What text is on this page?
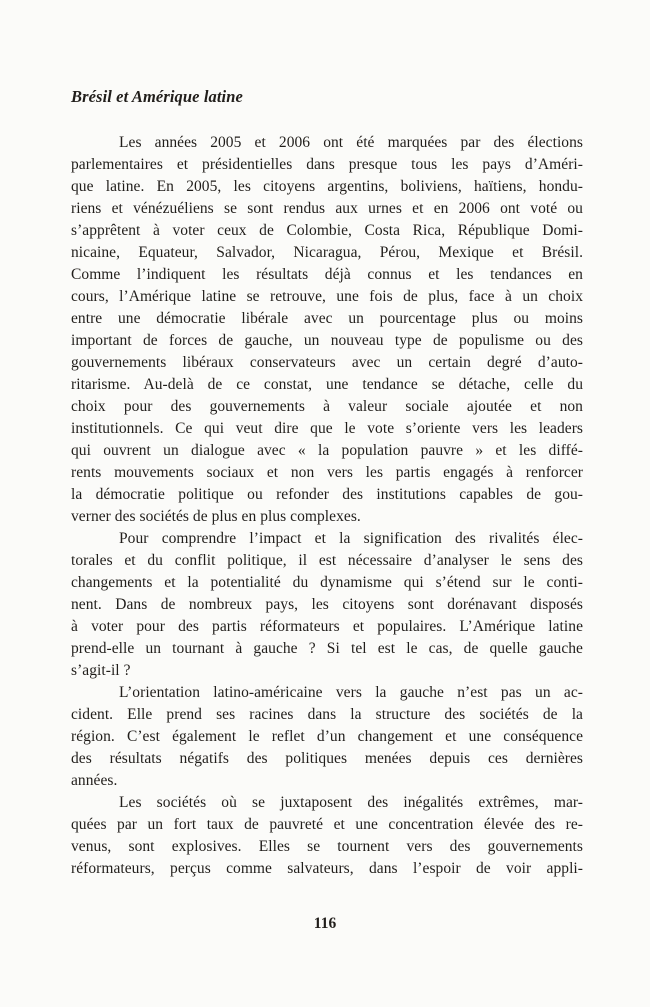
Brésil et Amérique latine
Les années 2005 et 2006 ont été marquées par des élections
parlementaires et présidentielles dans presque tous les pays d’Améri-
que latine. En 2005, les citoyens argentins, boliviens, haïtiens, hondu-
riens et vénézuéliens se sont rendus aux urnes et en 2006 ont voté ou
s’apprêtent à voter ceux de Colombie, Costa Rica, République Domi-
nicaine, Equateur, Salvador, Nicaragua, Pérou, Mexique et Brésil.
Comme l’indiquent les résultats déjà connus et les tendances en
cours, l’Amérique latine se retrouve, une fois de plus, face à un choix
entre une démocratie libérale avec un pourcentage plus ou moins
important de forces de gauche, un nouveau type de populisme ou des
gouvernements libéraux conservateurs avec un certain degré d’auto-
ritarisme. Au-delà de ce constat, une tendance se détache, celle du
choix pour des gouvernements à valeur sociale ajoutée et non
institutionnels. Ce qui veut dire que le vote s’oriente vers les leaders
qui ouvrent un dialogue avec « la population pauvre » et les diffé-
rents mouvements sociaux et non vers les partis engagés à renforcer
la démocratie politique ou refonder des institutions capables de gou-
verner des sociétés de plus en plus complexes.
Pour comprendre l’impact et la signification des rivalités élec-
torales et du conflit politique, il est nécessaire d’analyser le sens des
changements et la potentialité du dynamisme qui s’étend sur le conti-
nent. Dans de nombreux pays, les citoyens sont dorénavant disposés
à voter pour des partis réformateurs et populaires. L’Amérique latine
prend-elle un tournant à gauche ? Si tel est le cas, de quelle gauche
s’agit-il ?
L’orientation latino-américaine vers la gauche n’est pas un ac-
cident. Elle prend ses racines dans la structure des sociétés de la
région. C’est également le reflet d’un changement et une conséquence
des résultats négatifs des politiques menées depuis ces dernières
années.
Les sociétés où se juxtaposent des inégalités extrêmes, mar-
quées par un fort taux de pauvreté et une concentration élevée des re-
venus, sont explosives. Elles se tournent vers des gouvernements
réformateurs, perçus comme salvateurs, dans l’espoir de voir appli-
116
